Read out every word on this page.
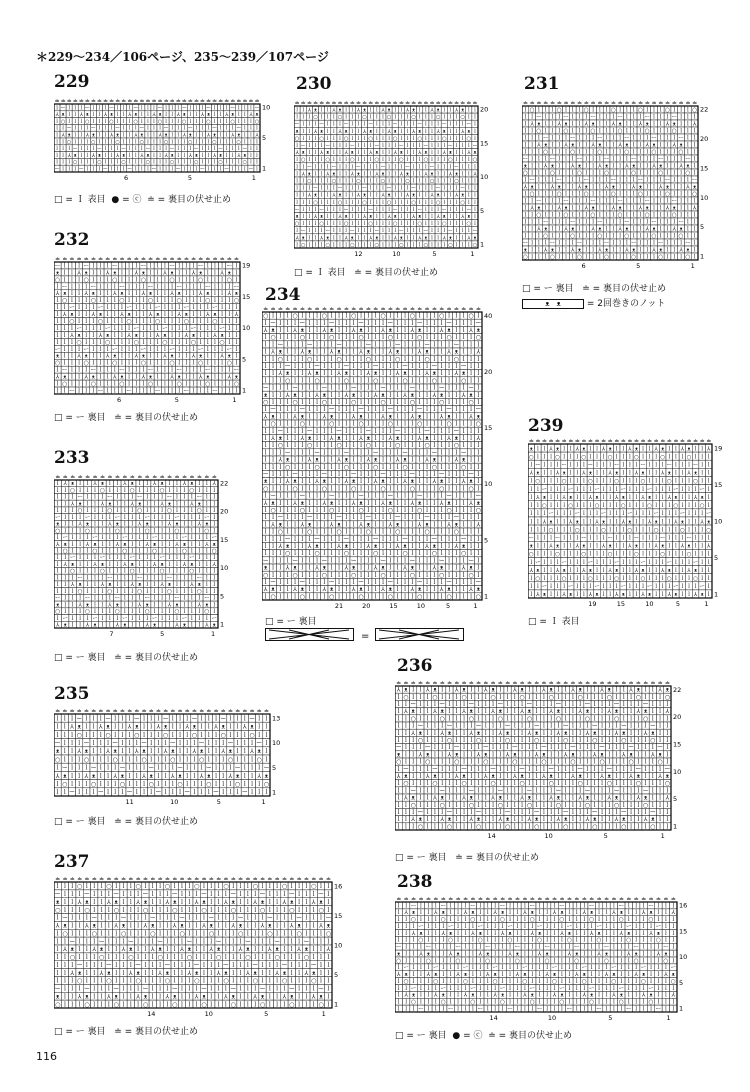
＊229～234／106ページ、235～239／107ページ
229	230	231
232
234
239
233
236
235
237
238
≐ ≐ ≐ ≐ ≐ ≐ ≐ ≐ ≐ ≐ ≐ ≐ ≐ ≐ ≐ ≐ ≐ ≐ ≐ ≐ ≐ ≐ ≐ ≐ ≐ ≐ ≐ ≐ ≐ ≐ ≐ ≐ ≐ ≐
ｌ ー ｌ ｌ ｌ ー ｌ ｌ ｌ ー ｌ ｌ ｌ ー ｌ ｌ ｌ ー ｌ ｌ ｌ ー ｌ ｌ ｌ ー ｌ ｌ ｌ ー ｌ ｌ ｌ ー
⅄ ᴥ ｌ ｌ ⅄ ᴥ ｌ ｌ ⅄ ᴥ ｌ ｌ ⅄ ᴥ ｌ ｌ ⅄ ᴥ ｌ ｌ ⅄ ᴥ ｌ ｌ ⅄ ᴥ ｌ ｌ ⅄ ᴥ ｌ ｌ ⅄ ᴥ
ｌ ○ ｌ ｌ ｌ ○ ｌ ｌ ｌ ○ ｌ ｌ ｌ ○ ｌ ｌ ｌ ○ ｌ ｌ ｌ ○ ｌ ｌ ｌ ○ ｌ ｌ ｌ ○ ｌ ｌ ｌ ○
ｌ ｌ ー ｌ ｌ ｌ ー ｌ ｌ ｌ ー ｌ ｌ ｌ ー ｌ ｌ ｌ ー ｌ ｌ ｌ ー ｌ ｌ ｌ ー ｌ ｌ ｌ ー ｌ ｌ ｌ
ｌ ⅄ ᴥ ｌ ｌ ⅄ ᴥ ｌ ｌ ⅄ ᴥ ｌ ｌ ⅄ ᴥ ｌ ｌ ⅄ ᴥ ｌ ｌ ⅄ ᴥ ｌ ｌ ⅄ ᴥ ｌ ｌ ⅄ ᴥ ｌ ｌ ⅄
ｌ ｌ ○ ｌ ｌ ｌ ○ ｌ ｌ ｌ ○ ｌ ｌ ｌ ○ ｌ ｌ ｌ ○ ｌ ｌ ｌ ○ ｌ ｌ ｌ ○ ｌ ｌ ｌ ○ ｌ ｌ ｌ
ｌ ｌ ｌ ー ｌ ｌ ｌ ー ｌ ｌ ｌ ー ｌ ｌ ｌ ー ｌ ｌ ｌ ー ｌ ｌ ｌ ー ｌ ｌ ｌ ー ｌ ｌ ｌ ー ｌ ｌ
ｌ ｌ ⅄ ᴥ ｌ ｌ ⅄ ᴥ ｌ ｌ ⅄ ᴥ ｌ ｌ ⅄ ᴥ ｌ ｌ ⅄ ᴥ ｌ ｌ ⅄ ᴥ ｌ ｌ ⅄ ᴥ ｌ ｌ ⅄ ᴥ ｌ ｌ
ｌ ｌ ｌ ○ ｌ ｌ ｌ ○ ｌ ｌ ｌ ○ ｌ ｌ ｌ ○ ｌ ｌ ｌ ○ ｌ ｌ ｌ ○ ｌ ｌ ｌ ○ ｌ ｌ ｌ ○ ｌ ｌ
ー ｌ ｌ ｌ ー ｌ ｌ ｌ ー ｌ ｌ ｌ ー ｌ ｌ ｌ ー ｌ ｌ ｌ ー ｌ ｌ ｌ ー ｌ ｌ ｌ ー ｌ ｌ ｌ ー ｌ
10
5
1
6	5	1
≐ ≐ ≐ ≐ ≐ ≐ ≐ ≐ ≐ ≐ ≐ ≐ ≐ ≐ ≐ ≐ ≐ ≐ ≐ ≐ ≐ ≐ ≐ ≐ ≐ ≐ ≐ ≐ ≐ ≐
ｌ ｌ ⅄ ᴥ ｌ ｌ ⅄ ᴥ ｌ ｌ ⅄ ᴥ ｌ ｌ ⅄ ᴥ ｌ ｌ ⅄ ᴥ ｌ ｌ ⅄ ᴥ ｌ ｌ ⅄ ᴥ ｌ ｌ
ｌ ｌ ｌ ○ ｌ ｌ ｌ ○ ｌ ｌ ｌ ○ ｌ ｌ ｌ ○ ｌ ｌ ｌ ○ ｌ ｌ ｌ ○ ｌ ｌ ｌ ○ ｌ ｌ
ー ｌ ｌ ｌ ー ｌ ｌ ｌ ー ｌ ｌ ｌ ー ｌ ｌ ｌ ー ｌ ｌ ｌ ー ｌ ｌ ｌ ー ｌ ｌ ｌ ー ｌ
ᴥ ｌ ｌ ⅄ ᴥ ｌ ｌ ⅄ ᴥ ｌ ｌ ⅄ ᴥ ｌ ｌ ⅄ ᴥ ｌ ｌ ⅄ ᴥ ｌ ｌ ⅄ ᴥ ｌ ｌ ⅄ ᴥ ｌ
○ ｌ ｌ ｌ ○ ｌ ｌ ｌ ○ ｌ ｌ ｌ ○ ｌ ｌ ｌ ○ ｌ ｌ ｌ ○ ｌ ｌ ｌ ○ ｌ ｌ ｌ ○ ｌ
ｌ ー ｌ ｌ ｌ ー ｌ ｌ ｌ ー ｌ ｌ ｌ ー ｌ ｌ ｌ ー ｌ ｌ ｌ ー ｌ ｌ ｌ ー ｌ ｌ ｌ ー
⅄ ᴥ ｌ ｌ ⅄ ᴥ ｌ ｌ ⅄ ᴥ ｌ ｌ ⅄ ᴥ ｌ ｌ ⅄ ᴥ ｌ ｌ ⅄ ᴥ ｌ ｌ ⅄ ᴥ ｌ ｌ ⅄ ᴥ
ｌ ○ ｌ ｌ ｌ ○ ｌ ｌ ｌ ○ ｌ ｌ ｌ ○ ｌ ｌ ｌ ○ ｌ ｌ ｌ ○ ｌ ｌ ｌ ○ ｌ ｌ ｌ ○
ｌ ｌ ー ｌ ｌ ｌ ー ｌ ｌ ｌ ー ｌ ｌ ｌ ー ｌ ｌ ｌ ー ｌ ｌ ｌ ー ｌ ｌ ｌ ー ｌ ｌ ｌ
ｌ ⅄ ᴥ ｌ ｌ ⅄ ᴥ ｌ ｌ ⅄ ᴥ ｌ ｌ ⅄ ᴥ ｌ ｌ ⅄ ᴥ ｌ ｌ ⅄ ᴥ ｌ ｌ ⅄ ᴥ ｌ ｌ ⅄
ｌ ｌ ○ ｌ ｌ ｌ ○ ｌ ｌ ｌ ○ ｌ ｌ ｌ ○ ｌ ｌ ｌ ○ ｌ ｌ ｌ ○ ｌ ｌ ｌ ○ ｌ ｌ ｌ
ｌ ｌ ｌ ー ｌ ｌ ｌ ー ｌ ｌ ｌ ー ｌ ｌ ｌ ー ｌ ｌ ｌ ー ｌ ｌ ｌ ー ｌ ｌ ｌ ー ｌ ｌ
ｌ ｌ ⅄ ᴥ ｌ ｌ ⅄ ᴥ ｌ ｌ ⅄ ᴥ ｌ ｌ ⅄ ᴥ ｌ ｌ ⅄ ᴥ ｌ ｌ ⅄ ᴥ ｌ ｌ ⅄ ᴥ ｌ ｌ
ｌ ｌ ｌ ○ ｌ ｌ ｌ ○ ｌ ｌ ｌ ○ ｌ ｌ ｌ ○ ｌ ｌ ｌ ○ ｌ ｌ ｌ ○ ｌ ｌ ｌ ○ ｌ ｌ
ー ｌ ｌ ｌ ー ｌ ｌ ｌ ー ｌ ｌ ｌ ー ｌ ｌ ｌ ー ｌ ｌ ｌ ー ｌ ｌ ｌ ー ｌ ｌ ｌ ー ｌ
ᴥ ｌ ｌ ⅄ ᴥ ｌ ｌ ⅄ ᴥ ｌ ｌ ⅄ ᴥ ｌ ｌ ⅄ ᴥ ｌ ｌ ⅄ ᴥ ｌ ｌ ⅄ ᴥ ｌ ｌ ⅄ ᴥ ｌ
○ ｌ ｌ ｌ ○ ｌ ｌ ｌ ○ ｌ ｌ ｌ ○ ｌ ｌ ｌ ○ ｌ ｌ ｌ ○ ｌ ｌ ｌ ○ ｌ ｌ ｌ ○ ｌ
ｌ ー ｌ ｌ ｌ ー ｌ ｌ ｌ ー ｌ ｌ ｌ ー ｌ ｌ ｌ ー ｌ ｌ ｌ ー ｌ ｌ ｌ ー ｌ ｌ ｌ ー
⅄ ᴥ ｌ ｌ ⅄ ᴥ ｌ ｌ ⅄ ᴥ ｌ ｌ ⅄ ᴥ ｌ ｌ ⅄ ᴥ ｌ ｌ ⅄ ᴥ ｌ ｌ ⅄ ᴥ ｌ ｌ ⅄ ᴥ
ｌ ○ ｌ ｌ ｌ ○ ｌ ｌ ｌ ○ ｌ ｌ ｌ ○ ｌ ｌ ｌ ○ ｌ ｌ ｌ ○ ｌ ｌ ｌ ○ ｌ ｌ ｌ ○
20
15
10
5
1
12	10	5	1
≐ ≐ ≐ ≐ ≐ ≐ ≐ ≐ ≐ ≐ ≐ ≐ ≐ ≐ ≐ ≐ ≐ ≐ ≐ ≐ ≐ ≐ ≐ ≐ ≐ ≐
ｌ ○ ｌ ｌ ｌ ○ ｌ ｌ ｌ ○ ｌ ｌ ｌ ○ ｌ ｌ ｌ ○ ｌ ｌ ｌ ○ ｌ ｌ ｌ ○
ｌ ｌ ー ｌ ｌ ｌ ー ｌ ｌ ｌ ー ｌ ｌ ｌ ー ｌ ｌ ｌ ー ｌ ｌ ｌ ー ｌ ｌ ｌ
ｌ ⅄ ᴥ ｌ ｌ ⅄ ᴥ ｌ ｌ ⅄ ᴥ ｌ ｌ ⅄ ᴥ ｌ ｌ ⅄ ᴥ ｌ ｌ ⅄ ᴥ ｌ ｌ ⅄
ｌ ｌ ○ ｌ ｌ ｌ ○ ｌ ｌ ｌ ○ ｌ ｌ ｌ ○ ｌ ｌ ｌ ○ ｌ ｌ ｌ ○ ｌ ｌ ｌ
ｌ ｌ ｌ ー ｌ ｌ ｌ ー ｌ ｌ ｌ ー ｌ ｌ ｌ ー ｌ ｌ ｌ ー ｌ ｌ ｌ ー ｌ ｌ
ｌ ｌ ⅄ ᴥ ｌ ｌ ⅄ ᴥ ｌ ｌ ⅄ ᴥ ｌ ｌ ⅄ ᴥ ｌ ｌ ⅄ ᴥ ｌ ｌ ⅄ ᴥ ｌ ｌ
ｌ ｌ ｌ ○ ｌ ｌ ｌ ○ ｌ ｌ ｌ ○ ｌ ｌ ｌ ○ ｌ ｌ ｌ ○ ｌ ｌ ｌ ○ ｌ ｌ
ー ｌ ｌ ｌ ー ｌ ｌ ｌ ー ｌ ｌ ｌ ー ｌ ｌ ｌ ー ｌ ｌ ｌ ー ｌ ｌ ｌ ー ｌ
ᴥ ｌ ｌ ⅄ ᴥ ｌ ｌ ⅄ ᴥ ｌ ｌ ⅄ ᴥ ｌ ｌ ⅄ ᴥ ｌ ｌ ⅄ ᴥ ｌ ｌ ⅄ ᴥ ｌ
○ ｌ ｌ ｌ ○ ｌ ｌ ｌ ○ ｌ ｌ ｌ ○ ｌ ｌ ｌ ○ ｌ ｌ ｌ ○ ｌ ｌ ｌ ○ ｌ
ｌ ー ｌ ｌ ｌ ー ｌ ｌ ｌ ー ｌ ｌ ｌ ー ｌ ｌ ｌ ー ｌ ｌ ｌ ー ｌ ｌ ｌ ー
⅄ ᴥ ｌ ｌ ⅄ ᴥ ｌ ｌ ⅄ ᴥ ｌ ｌ ⅄ ᴥ ｌ ｌ ⅄ ᴥ ｌ ｌ ⅄ ᴥ ｌ ｌ ⅄ ᴥ
ｌ ○ ｌ ｌ ｌ ○ ｌ ｌ ｌ ○ ｌ ｌ ｌ ○ ｌ ｌ ｌ ○ ｌ ｌ ｌ ○ ｌ ｌ ｌ ○
ｌ ｌ ー ｌ ｌ ｌ ー ｌ ｌ ｌ ー ｌ ｌ ｌ ー ｌ ｌ ｌ ー ｌ ｌ ｌ ー ｌ ｌ ｌ
ｌ ⅄ ᴥ ｌ ｌ ⅄ ᴥ ｌ ｌ ⅄ ᴥ ｌ ｌ ⅄ ᴥ ｌ ｌ ⅄ ᴥ ｌ ｌ ⅄ ᴥ ｌ ｌ ⅄
ｌ ｌ ○ ｌ ｌ ｌ ○ ｌ ｌ ｌ ○ ｌ ｌ ｌ ○ ｌ ｌ ｌ ○ ｌ ｌ ｌ ○ ｌ ｌ ｌ
ｌ ｌ ｌ ー ｌ ｌ ｌ ー ｌ ｌ ｌ ー ｌ ｌ ｌ ー ｌ ｌ ｌ ー ｌ ｌ ｌ ー ｌ ｌ
ｌ ｌ ⅄ ᴥ ｌ ｌ ⅄ ᴥ ｌ ｌ ⅄ ᴥ ｌ ｌ ⅄ ᴥ ｌ ｌ ⅄ ᴥ ｌ ｌ ⅄ ᴥ ｌ ｌ
ｌ ｌ ｌ ○ ｌ ｌ ｌ ○ ｌ ｌ ｌ ○ ｌ ｌ ｌ ○ ｌ ｌ ｌ ○ ｌ ｌ ｌ ○ ｌ ｌ
ー ｌ ｌ ｌ ー ｌ ｌ ｌ ー ｌ ｌ ｌ ー ｌ ｌ ｌ ー ｌ ｌ ｌ ー ｌ ｌ ｌ ー ｌ
ᴥ ｌ ｌ ⅄ ᴥ ｌ ｌ ⅄ ᴥ ｌ ｌ ⅄ ᴥ ｌ ｌ ⅄ ᴥ ｌ ｌ ⅄ ᴥ ｌ ｌ ⅄ ᴥ ｌ
○ ｌ ｌ ｌ ○ ｌ ｌ ｌ ○ ｌ ｌ ｌ ○ ｌ ｌ ｌ ○ ｌ ｌ ｌ ○ ｌ ｌ ｌ ○ ｌ
22
20
15
10
5
1
6	5	1
≐ ≐ ≐ ≐ ≐ ≐ ≐ ≐ ≐ ≐ ≐ ≐ ≐ ≐ ≐ ≐ ≐ ≐ ≐ ≐ ≐ ≐ ≐ ≐ ≐ ≐
ー ｌ ｌ ｌ ー ｌ ｌ ｌ ー ｌ ｌ ｌ ー ｌ ｌ ｌ ー ｌ ｌ ｌ ー ｌ ｌ ｌ ー ｌ
ᴥ ｌ ｌ ⅄ ᴥ ｌ ｌ ⅄ ᴥ ｌ ｌ ⅄ ᴥ ｌ ｌ ⅄ ᴥ ｌ ｌ ⅄ ᴥ ｌ ｌ ⅄ ᴥ ｌ
○ ｌ ｌ ｌ ○ ｌ ｌ ｌ ○ ｌ ｌ ｌ ○ ｌ ｌ ｌ ○ ｌ ｌ ｌ ○ ｌ ｌ ｌ ○ ｌ
ｌ ー ｌ ｌ ｌ ー ｌ ｌ ｌ ー ｌ ｌ ｌ ー ｌ ｌ ｌ ー ｌ ｌ ｌ ー ｌ ｌ ｌ ー
⅄ ᴥ ｌ ｌ ⅄ ᴥ ｌ ｌ ⅄ ᴥ ｌ ｌ ⅄ ᴥ ｌ ｌ ⅄ ᴥ ｌ ｌ ⅄ ᴥ ｌ ｌ ⅄ ᴥ
ｌ ○ ｌ ｌ ｌ ○ ｌ ｌ ｌ ○ ｌ ｌ ｌ ○ ｌ ｌ ｌ ○ ｌ ｌ ｌ ○ ｌ ｌ ｌ ○
ｌ ｌ ー ｌ ｌ ｌ ー ｌ ｌ ｌ ー ｌ ｌ ｌ ー ｌ ｌ ｌ ー ｌ ｌ ｌ ー ｌ ｌ ｌ
ｌ ⅄ ᴥ ｌ ｌ ⅄ ᴥ ｌ ｌ ⅄ ᴥ ｌ ｌ ⅄ ᴥ ｌ ｌ ⅄ ᴥ ｌ ｌ ⅄ ᴥ ｌ ｌ ⅄
ｌ ｌ ○ ｌ ｌ ｌ ○ ｌ ｌ ｌ ○ ｌ ｌ ｌ ○ ｌ ｌ ｌ ○ ｌ ｌ ｌ ○ ｌ ｌ ｌ
ｌ ｌ ｌ ー ｌ ｌ ｌ ー ｌ ｌ ｌ ー ｌ ｌ ｌ ー ｌ ｌ ｌ ー ｌ ｌ ｌ ー ｌ ｌ
ｌ ｌ ⅄ ᴥ ｌ ｌ ⅄ ᴥ ｌ ｌ ⅄ ᴥ ｌ ｌ ⅄ ᴥ ｌ ｌ ⅄ ᴥ ｌ ｌ ⅄ ᴥ ｌ ｌ
ｌ ｌ ｌ ○ ｌ ｌ ｌ ○ ｌ ｌ ｌ ○ ｌ ｌ ｌ ○ ｌ ｌ ｌ ○ ｌ ｌ ｌ ○ ｌ ｌ
ー ｌ ｌ ｌ ー ｌ ｌ ｌ ー ｌ ｌ ｌ ー ｌ ｌ ｌ ー ｌ ｌ ｌ ー ｌ ｌ ｌ ー ｌ
ᴥ ｌ ｌ ⅄ ᴥ ｌ ｌ ⅄ ᴥ ｌ ｌ ⅄ ᴥ ｌ ｌ ⅄ ᴥ ｌ ｌ ⅄ ᴥ ｌ ｌ ⅄ ᴥ ｌ
○ ｌ ｌ ｌ ○ ｌ ｌ ｌ ○ ｌ ｌ ｌ ○ ｌ ｌ ｌ ○ ｌ ｌ ｌ ○ ｌ ｌ ｌ ○ ｌ
ｌ ー ｌ ｌ ｌ ー ｌ ｌ ｌ ー ｌ ｌ ｌ ー ｌ ｌ ｌ ー ｌ ｌ ｌ ー ｌ ｌ ｌ ー
⅄ ᴥ ｌ ｌ ⅄ ᴥ ｌ ｌ ⅄ ᴥ ｌ ｌ ⅄ ᴥ ｌ ｌ ⅄ ᴥ ｌ ｌ ⅄ ᴥ ｌ ｌ ⅄ ᴥ
ｌ ○ ｌ ｌ ｌ ○ ｌ ｌ ｌ ○ ｌ ｌ ｌ ○ ｌ ｌ ｌ ○ ｌ ｌ ｌ ○ ｌ ｌ ｌ ○
ｌ ｌ ー ｌ ｌ ｌ ー ｌ ｌ ｌ ー ｌ ｌ ｌ ー ｌ ｌ ｌ ー ｌ ｌ ｌ ー ｌ ｌ ｌ
19
15
10
5
1
6	5	1
≐ ≐ ≐ ≐ ≐ ≐ ≐ ≐ ≐ ≐ ≐ ≐ ≐ ≐ ≐ ≐ ≐ ≐ ≐ ≐ ≐ ≐ ≐ ≐ ≐ ≐ ≐ ≐ ≐ ≐
○ ｌ ｌ ｌ ○ ｌ ｌ ｌ ○ ｌ ｌ ｌ ○ ｌ ｌ ｌ ○ ｌ ｌ ｌ ○ ｌ ｌ ｌ ○ ｌ ｌ ｌ ○ ｌ
ｌ ー ｌ ｌ ｌ ー ｌ ｌ ｌ ー ｌ ｌ ｌ ー ｌ ｌ ｌ ー ｌ ｌ ｌ ー ｌ ｌ ｌ ー ｌ ｌ ｌ ー
⅄ ᴥ ｌ ｌ ⅄ ᴥ ｌ ｌ ⅄ ᴥ ｌ ｌ ⅄ ᴥ ｌ ｌ ⅄ ᴥ ｌ ｌ ⅄ ᴥ ｌ ｌ ⅄ ᴥ ｌ ｌ ⅄ ᴥ
ｌ ○ ｌ ｌ ｌ ○ ｌ ｌ ｌ ○ ｌ ｌ ｌ ○ ｌ ｌ ｌ ○ ｌ ｌ ｌ ○ ｌ ｌ ｌ ○ ｌ ｌ ｌ ○
ｌ ｌ ー ｌ ｌ ｌ ー ｌ ｌ ｌ ー ｌ ｌ ｌ ー ｌ ｌ ｌ ー ｌ ｌ ｌ ー ｌ ｌ ｌ ー ｌ ｌ ｌ
ｌ ⅄ ᴥ ｌ ｌ ⅄ ᴥ ｌ ｌ ⅄ ᴥ ｌ ｌ ⅄ ᴥ ｌ ｌ ⅄ ᴥ ｌ ｌ ⅄ ᴥ ｌ ｌ ⅄ ᴥ ｌ ｌ ⅄
ｌ ｌ ○ ｌ ｌ ｌ ○ ｌ ｌ ｌ ○ ｌ ｌ ｌ ○ ｌ ｌ ｌ ○ ｌ ｌ ｌ ○ ｌ ｌ ｌ ○ ｌ ｌ ｌ
ｌ ｌ ｌ ー ｌ ｌ ｌ ー ｌ ｌ ｌ ー ｌ ｌ ｌ ー ｌ ｌ ｌ ー ｌ ｌ ｌ ー ｌ ｌ ｌ ー ｌ ｌ
ｌ ｌ ⅄ ᴥ ｌ ｌ ⅄ ᴥ ｌ ｌ ⅄ ᴥ ｌ ｌ ⅄ ᴥ ｌ ｌ ⅄ ᴥ ｌ ｌ ⅄ ᴥ ｌ ｌ ⅄ ᴥ ｌ ｌ
ｌ ｌ ｌ ○ ｌ ｌ ｌ ○ ｌ ｌ ｌ ○ ｌ ｌ ｌ ○ ｌ ｌ ｌ ○ ｌ ｌ ｌ ○ ｌ ｌ ｌ ○ ｌ ｌ
ー ｌ ｌ ｌ ー ｌ ｌ ｌ ー ｌ ｌ ｌ ー ｌ ｌ ｌ ー ｌ ｌ ｌ ー ｌ ｌ ｌ ー ｌ ｌ ｌ ー ｌ
ᴥ ｌ ｌ ⅄ ᴥ ｌ ｌ ⅄ ᴥ ｌ ｌ ⅄ ᴥ ｌ ｌ ⅄ ᴥ ｌ ｌ ⅄ ᴥ ｌ ｌ ⅄ ᴥ ｌ ｌ ⅄ ᴥ ｌ
○ ｌ ｌ ｌ ○ ｌ ｌ ｌ ○ ｌ ｌ ｌ ○ ｌ ｌ ｌ ○ ｌ ｌ ｌ ○ ｌ ｌ ｌ ○ ｌ ｌ ｌ ○ ｌ
ｌ ー ｌ ｌ ｌ ー ｌ ｌ ｌ ー ｌ ｌ ｌ ー ｌ ｌ ｌ ー ｌ ｌ ｌ ー ｌ ｌ ｌ ー ｌ ｌ ｌ ー
⅄ ᴥ ｌ ｌ ⅄ ᴥ ｌ ｌ ⅄ ᴥ ｌ ｌ ⅄ ᴥ ｌ ｌ ⅄ ᴥ ｌ ｌ ⅄ ᴥ ｌ ｌ ⅄ ᴥ ｌ ｌ ⅄ ᴥ
ｌ ○ ｌ ｌ ｌ ○ ｌ ｌ ｌ ○ ｌ ｌ ｌ ○ ｌ ｌ ｌ ○ ｌ ｌ ｌ ○ ｌ ｌ ｌ ○ ｌ ｌ ｌ ○
ｌ ｌ ー ｌ ｌ ｌ ー ｌ ｌ ｌ ー ｌ ｌ ｌ ー ｌ ｌ ｌ ー ｌ ｌ ｌ ー ｌ ｌ ｌ ー ｌ ｌ ｌ
ｌ ⅄ ᴥ ｌ ｌ ⅄ ᴥ ｌ ｌ ⅄ ᴥ ｌ ｌ ⅄ ᴥ ｌ ｌ ⅄ ᴥ ｌ ｌ ⅄ ᴥ ｌ ｌ ⅄ ᴥ ｌ ｌ ⅄
ｌ ｌ ○ ｌ ｌ ｌ ○ ｌ ｌ ｌ ○ ｌ ｌ ｌ ○ ｌ ｌ ｌ ○ ｌ ｌ ｌ ○ ｌ ｌ ｌ ○ ｌ ｌ ｌ
ｌ ｌ ｌ ー ｌ ｌ ｌ ー ｌ ｌ ｌ ー ｌ ｌ ｌ ー ｌ ｌ ｌ ー ｌ ｌ ｌ ー ｌ ｌ ｌ ー ｌ ｌ
ｌ ｌ ⅄ ᴥ ｌ ｌ ⅄ ᴥ ｌ ｌ ⅄ ᴥ ｌ ｌ ⅄ ᴥ ｌ ｌ ⅄ ᴥ ｌ ｌ ⅄ ᴥ ｌ ｌ ⅄ ᴥ ｌ ｌ
ｌ ｌ ｌ ○ ｌ ｌ ｌ ○ ｌ ｌ ｌ ○ ｌ ｌ ｌ ○ ｌ ｌ ｌ ○ ｌ ｌ ｌ ○ ｌ ｌ ｌ ○ ｌ ｌ
ー ｌ ｌ ｌ ー ｌ ｌ ｌ ー ｌ ｌ ｌ ー ｌ ｌ ｌ ー ｌ ｌ ｌ ー ｌ ｌ ｌ ー ｌ ｌ ｌ ー ｌ
ᴥ ｌ ｌ ⅄ ᴥ ｌ ｌ ⅄ ᴥ ｌ ｌ ⅄ ᴥ ｌ ｌ ⅄ ᴥ ｌ ｌ ⅄ ᴥ ｌ ｌ ⅄ ᴥ ｌ ｌ ⅄ ᴥ ｌ
○ ｌ ｌ ｌ ○ ｌ ｌ ｌ ○ ｌ ｌ ｌ ○ ｌ ｌ ｌ ○ ｌ ｌ ｌ ○ ｌ ｌ ｌ ○ ｌ ｌ ｌ ○ ｌ
ｌ ー ｌ ｌ ｌ ー ｌ ｌ ｌ ー ｌ ｌ ｌ ー ｌ ｌ ｌ ー ｌ ｌ ｌ ー ｌ ｌ ｌ ー ｌ ｌ ｌ ー
⅄ ᴥ ｌ ｌ ⅄ ᴥ ｌ ｌ ⅄ ᴥ ｌ ｌ ⅄ ᴥ ｌ ｌ ⅄ ᴥ ｌ ｌ ⅄ ᴥ ｌ ｌ ⅄ ᴥ ｌ ｌ ⅄ ᴥ
ｌ ○ ｌ ｌ ｌ ○ ｌ ｌ ｌ ○ ｌ ｌ ｌ ○ ｌ ｌ ｌ ○ ｌ ｌ ｌ ○ ｌ ｌ ｌ ○ ｌ ｌ ｌ ○
ｌ ｌ ー ｌ ｌ ｌ ー ｌ ｌ ｌ ー ｌ ｌ ｌ ー ｌ ｌ ｌ ー ｌ ｌ ｌ ー ｌ ｌ ｌ ー ｌ ｌ ｌ
ｌ ⅄ ᴥ ｌ ｌ ⅄ ᴥ ｌ ｌ ⅄ ᴥ ｌ ｌ ⅄ ᴥ ｌ ｌ ⅄ ᴥ ｌ ｌ ⅄ ᴥ ｌ ｌ ⅄ ᴥ ｌ ｌ ⅄
ｌ ｌ ○ ｌ ｌ ｌ ○ ｌ ｌ ｌ ○ ｌ ｌ ｌ ○ ｌ ｌ ｌ ○ ｌ ｌ ｌ ○ ｌ ｌ ｌ ○ ｌ ｌ ｌ
ｌ ｌ ｌ ー ｌ ｌ ｌ ー ｌ ｌ ｌ ー ｌ ｌ ｌ ー ｌ ｌ ｌ ー ｌ ｌ ｌ ー ｌ ｌ ｌ ー ｌ ｌ
ｌ ｌ ⅄ ᴥ ｌ ｌ ⅄ ᴥ ｌ ｌ ⅄ ᴥ ｌ ｌ ⅄ ᴥ ｌ ｌ ⅄ ᴥ ｌ ｌ ⅄ ᴥ ｌ ｌ ⅄ ᴥ ｌ ｌ
ｌ ｌ ｌ ○ ｌ ｌ ｌ ○ ｌ ｌ ｌ ○ ｌ ｌ ｌ ○ ｌ ｌ ｌ ○ ｌ ｌ ｌ ○ ｌ ｌ ｌ ○ ｌ ｌ
ー ｌ ｌ ｌ ー ｌ ｌ ｌ ー ｌ ｌ ｌ ー ｌ ｌ ｌ ー ｌ ｌ ｌ ー ｌ ｌ ｌ ー ｌ ｌ ｌ ー ｌ
ᴥ ｌ ｌ ⅄ ᴥ ｌ ｌ ⅄ ᴥ ｌ ｌ ⅄ ᴥ ｌ ｌ ⅄ ᴥ ｌ ｌ ⅄ ᴥ ｌ ｌ ⅄ ᴥ ｌ ｌ ⅄ ᴥ ｌ
○ ｌ ｌ ｌ ○ ｌ ｌ ｌ ○ ｌ ｌ ｌ ○ ｌ ｌ ｌ ○ ｌ ｌ ｌ ○ ｌ ｌ ｌ ○ ｌ ｌ ｌ ○ ｌ
ｌ ー ｌ ｌ ｌ ー ｌ ｌ ｌ ー ｌ ｌ ｌ ー ｌ ｌ ｌ ー ｌ ｌ ｌ ー ｌ ｌ ｌ ー ｌ ｌ ｌ ー
⅄ ᴥ ｌ ｌ ⅄ ᴥ ｌ ｌ ⅄ ᴥ ｌ ｌ ⅄ ᴥ ｌ ｌ ⅄ ᴥ ｌ ｌ ⅄ ᴥ ｌ ｌ ⅄ ᴥ ｌ ｌ ⅄ ᴥ
ｌ ○ ｌ ｌ ｌ ○ ｌ ｌ ｌ ○ ｌ ｌ ｌ ○ ｌ ｌ ｌ ○ ｌ ｌ ｌ ○ ｌ ｌ ｌ ○ ｌ ｌ ｌ ○
40
20
15
10
5
1
21	20	15	10	5	1
≐ ≐ ≐ ≐ ≐ ≐ ≐ ≐ ≐ ≐ ≐ ≐ ≐ ≐ ≐ ≐ ≐ ≐ ≐ ≐ ≐ ≐ ≐ ≐ ≐ ≐ ≐ ≐
ᴥ ｌ ｌ ⅄ ᴥ ｌ ｌ ⅄ ᴥ ｌ ｌ ⅄ ᴥ ｌ ｌ ⅄ ᴥ ｌ ｌ ⅄ ᴥ ｌ ｌ ⅄ ᴥ ｌ ｌ ⅄
○ ｌ ｌ ｌ ○ ｌ ｌ ｌ ○ ｌ ｌ ｌ ○ ｌ ｌ ｌ ○ ｌ ｌ ｌ ○ ｌ ｌ ｌ ○ ｌ ｌ ｌ
ｌ ー ｌ ｌ ｌ ー ｌ ｌ ｌ ー ｌ ｌ ｌ ー ｌ ｌ ｌ ー ｌ ｌ ｌ ー ｌ ｌ ｌ ー ｌ ｌ
⅄ ᴥ ｌ ｌ ⅄ ᴥ ｌ ｌ ⅄ ᴥ ｌ ｌ ⅄ ᴥ ｌ ｌ ⅄ ᴥ ｌ ｌ ⅄ ᴥ ｌ ｌ ⅄ ᴥ ｌ ｌ
ｌ ○ ｌ ｌ ｌ ○ ｌ ｌ ｌ ○ ｌ ｌ ｌ ○ ｌ ｌ ｌ ○ ｌ ｌ ｌ ○ ｌ ｌ ｌ ○ ｌ ｌ
ｌ ｌ ー ｌ ｌ ｌ ー ｌ ｌ ｌ ー ｌ ｌ ｌ ー ｌ ｌ ｌ ー ｌ ｌ ｌ ー ｌ ｌ ｌ ー ｌ
ｌ ⅄ ᴥ ｌ ｌ ⅄ ᴥ ｌ ｌ ⅄ ᴥ ｌ ｌ ⅄ ᴥ ｌ ｌ ⅄ ᴥ ｌ ｌ ⅄ ᴥ ｌ ｌ ⅄ ᴥ ｌ
ｌ ｌ ○ ｌ ｌ ｌ ○ ｌ ｌ ｌ ○ ｌ ｌ ｌ ○ ｌ ｌ ｌ ○ ｌ ｌ ｌ ○ ｌ ｌ ｌ ○ ｌ
ｌ ｌ ｌ ー ｌ ｌ ｌ ー ｌ ｌ ｌ ー ｌ ｌ ｌ ー ｌ ｌ ｌ ー ｌ ｌ ｌ ー ｌ ｌ ｌ ー
ｌ ｌ ⅄ ᴥ ｌ ｌ ⅄ ᴥ ｌ ｌ ⅄ ᴥ ｌ ｌ ⅄ ᴥ ｌ ｌ ⅄ ᴥ ｌ ｌ ⅄ ᴥ ｌ ｌ ⅄ ᴥ
ｌ ｌ ｌ ○ ｌ ｌ ｌ ○ ｌ ｌ ｌ ○ ｌ ｌ ｌ ○ ｌ ｌ ｌ ○ ｌ ｌ ｌ ○ ｌ ｌ ｌ ○
ー ｌ ｌ ｌ ー ｌ ｌ ｌ ー ｌ ｌ ｌ ー ｌ ｌ ｌ ー ｌ ｌ ｌ ー ｌ ｌ ｌ ー ｌ ｌ ｌ
ᴥ ｌ ｌ ⅄ ᴥ ｌ ｌ ⅄ ᴥ ｌ ｌ ⅄ ᴥ ｌ ｌ ⅄ ᴥ ｌ ｌ ⅄ ᴥ ｌ ｌ ⅄ ᴥ ｌ ｌ ⅄
○ ｌ ｌ ｌ ○ ｌ ｌ ｌ ○ ｌ ｌ ｌ ○ ｌ ｌ ｌ ○ ｌ ｌ ｌ ○ ｌ ｌ ｌ ○ ｌ ｌ ｌ
ｌ ー ｌ ｌ ｌ ー ｌ ｌ ｌ ー ｌ ｌ ｌ ー ｌ ｌ ｌ ー ｌ ｌ ｌ ー ｌ ｌ ｌ ー ｌ ｌ
⅄ ᴥ ｌ ｌ ⅄ ᴥ ｌ ｌ ⅄ ᴥ ｌ ｌ ⅄ ᴥ ｌ ｌ ⅄ ᴥ ｌ ｌ ⅄ ᴥ ｌ ｌ ⅄ ᴥ ｌ ｌ
ｌ ○ ｌ ｌ ｌ ○ ｌ ｌ ｌ ○ ｌ ｌ ｌ ○ ｌ ｌ ｌ ○ ｌ ｌ ｌ ○ ｌ ｌ ｌ ○ ｌ ｌ
ｌ ｌ ー ｌ ｌ ｌ ー ｌ ｌ ｌ ー ｌ ｌ ｌ ー ｌ ｌ ｌ ー ｌ ｌ ｌ ー ｌ ｌ ｌ ー ｌ
ｌ ⅄ ᴥ ｌ ｌ ⅄ ᴥ ｌ ｌ ⅄ ᴥ ｌ ｌ ⅄ ᴥ ｌ ｌ ⅄ ᴥ ｌ ｌ ⅄ ᴥ ｌ ｌ ⅄ ᴥ ｌ
19
15
10
5
1
19	15	10	5	1
≐ ≐ ≐ ≐ ≐ ≐ ≐ ≐ ≐ ≐ ≐ ≐ ≐ ≐ ≐ ≐ ≐ ≐ ≐ ≐ ≐ ≐
ｌ ⅄ ᴥ ｌ ｌ ⅄ ᴥ ｌ ｌ ⅄ ᴥ ｌ ｌ ⅄ ᴥ ｌ ｌ ⅄ ᴥ ｌ ｌ ⅄
ｌ ｌ ○ ｌ ｌ ｌ ○ ｌ ｌ ｌ ○ ｌ ｌ ｌ ○ ｌ ｌ ｌ ○ ｌ ｌ ｌ
ｌ ｌ ｌ ー ｌ ｌ ｌ ー ｌ ｌ ｌ ー ｌ ｌ ｌ ー ｌ ｌ ｌ ー ｌ ｌ
ｌ ｌ ⅄ ᴥ ｌ ｌ ⅄ ᴥ ｌ ｌ ⅄ ᴥ ｌ ｌ ⅄ ᴥ ｌ ｌ ⅄ ᴥ ｌ ｌ
ｌ ｌ ｌ ○ ｌ ｌ ｌ ○ ｌ ｌ ｌ ○ ｌ ｌ ｌ ○ ｌ ｌ ｌ ○ ｌ ｌ
ー ｌ ｌ ｌ ー ｌ ｌ ｌ ー ｌ ｌ ｌ ー ｌ ｌ ｌ ー ｌ ｌ ｌ ー ｌ
ᴥ ｌ ｌ ⅄ ᴥ ｌ ｌ ⅄ ᴥ ｌ ｌ ⅄ ᴥ ｌ ｌ ⅄ ᴥ ｌ ｌ ⅄ ᴥ ｌ
○ ｌ ｌ ｌ ○ ｌ ｌ ｌ ○ ｌ ｌ ｌ ○ ｌ ｌ ｌ ○ ｌ ｌ ｌ ○ ｌ
ｌ ー ｌ ｌ ｌ ー ｌ ｌ ｌ ー ｌ ｌ ｌ ー ｌ ｌ ｌ ー ｌ ｌ ｌ ー
⅄ ᴥ ｌ ｌ ⅄ ᴥ ｌ ｌ ⅄ ᴥ ｌ ｌ ⅄ ᴥ ｌ ｌ ⅄ ᴥ ｌ ｌ ⅄ ᴥ
ｌ ○ ｌ ｌ ｌ ○ ｌ ｌ ｌ ○ ｌ ｌ ｌ ○ ｌ ｌ ｌ ○ ｌ ｌ ｌ ○
ｌ ｌ ー ｌ ｌ ｌ ー ｌ ｌ ｌ ー ｌ ｌ ｌ ー ｌ ｌ ｌ ー ｌ ｌ ｌ
ｌ ⅄ ᴥ ｌ ｌ ⅄ ᴥ ｌ ｌ ⅄ ᴥ ｌ ｌ ⅄ ᴥ ｌ ｌ ⅄ ᴥ ｌ ｌ ⅄
ｌ ｌ ○ ｌ ｌ ｌ ○ ｌ ｌ ｌ ○ ｌ ｌ ｌ ○ ｌ ｌ ｌ ○ ｌ ｌ ｌ
ｌ ｌ ｌ ー ｌ ｌ ｌ ー ｌ ｌ ｌ ー ｌ ｌ ｌ ー ｌ ｌ ｌ ー ｌ ｌ
ｌ ｌ ⅄ ᴥ ｌ ｌ ⅄ ᴥ ｌ ｌ ⅄ ᴥ ｌ ｌ ⅄ ᴥ ｌ ｌ ⅄ ᴥ ｌ ｌ
ｌ ｌ ｌ ○ ｌ ｌ ｌ ○ ｌ ｌ ｌ ○ ｌ ｌ ｌ ○ ｌ ｌ ｌ ○ ｌ ｌ
ー ｌ ｌ ｌ ー ｌ ｌ ｌ ー ｌ ｌ ｌ ー ｌ ｌ ｌ ー ｌ ｌ ｌ ー ｌ
ᴥ ｌ ｌ ⅄ ᴥ ｌ ｌ ⅄ ᴥ ｌ ｌ ⅄ ᴥ ｌ ｌ ⅄ ᴥ ｌ ｌ ⅄ ᴥ ｌ
○ ｌ ｌ ｌ ○ ｌ ｌ ｌ ○ ｌ ｌ ｌ ○ ｌ ｌ ｌ ○ ｌ ｌ ｌ ○ ｌ
ｌ ー ｌ ｌ ｌ ー ｌ ｌ ｌ ー ｌ ｌ ｌ ー ｌ ｌ ｌ ー ｌ ｌ ｌ ー
⅄ ᴥ ｌ ｌ ⅄ ᴥ ｌ ｌ ⅄ ᴥ ｌ ｌ ⅄ ᴥ ｌ ｌ ⅄ ᴥ ｌ ｌ ⅄ ᴥ
22
20
15
10
5
1
7	5	1
≐ ≐ ≐ ≐ ≐ ≐ ≐ ≐ ≐ ≐ ≐ ≐ ≐ ≐ ≐ ≐ ≐ ≐ ≐ ≐ ≐ ≐ ≐ ≐ ≐ ≐ ≐ ≐ ≐ ≐ ≐ ≐ ≐ ≐ ≐ ≐ ≐ ≐
⅄ ᴥ ｌ ｌ ⅄ ᴥ ｌ ｌ ⅄ ᴥ ｌ ｌ ⅄ ᴥ ｌ ｌ ⅄ ᴥ ｌ ｌ ⅄ ᴥ ｌ ｌ ⅄ ᴥ ｌ ｌ ⅄ ᴥ ｌ ｌ ⅄ ᴥ ｌ ｌ ⅄ ᴥ
ｌ ○ ｌ ｌ ｌ ○ ｌ ｌ ｌ ○ ｌ ｌ ｌ ○ ｌ ｌ ｌ ○ ｌ ｌ ｌ ○ ｌ ｌ ｌ ○ ｌ ｌ ｌ ○ ｌ ｌ ｌ ○ ｌ ｌ ｌ ○
ｌ ｌ ー ｌ ｌ ｌ ー ｌ ｌ ｌ ー ｌ ｌ ｌ ー ｌ ｌ ｌ ー ｌ ｌ ｌ ー ｌ ｌ ｌ ー ｌ ｌ ｌ ー ｌ ｌ ｌ ー ｌ ｌ ｌ
ｌ ⅄ ᴥ ｌ ｌ ⅄ ᴥ ｌ ｌ ⅄ ᴥ ｌ ｌ ⅄ ᴥ ｌ ｌ ⅄ ᴥ ｌ ｌ ⅄ ᴥ ｌ ｌ ⅄ ᴥ ｌ ｌ ⅄ ᴥ ｌ ｌ ⅄ ᴥ ｌ ｌ ⅄
ｌ ｌ ○ ｌ ｌ ｌ ○ ｌ ｌ ｌ ○ ｌ ｌ ｌ ○ ｌ ｌ ｌ ○ ｌ ｌ ｌ ○ ｌ ｌ ｌ ○ ｌ ｌ ｌ ○ ｌ ｌ ｌ ○ ｌ ｌ ｌ
ｌ ｌ ｌ ー ｌ ｌ ｌ ー ｌ ｌ ｌ ー ｌ ｌ ｌ ー ｌ ｌ ｌ ー ｌ ｌ ｌ ー ｌ ｌ ｌ ー ｌ ｌ ｌ ー ｌ ｌ ｌ ー ｌ ｌ
ｌ ｌ ⅄ ᴥ ｌ ｌ ⅄ ᴥ ｌ ｌ ⅄ ᴥ ｌ ｌ ⅄ ᴥ ｌ ｌ ⅄ ᴥ ｌ ｌ ⅄ ᴥ ｌ ｌ ⅄ ᴥ ｌ ｌ ⅄ ᴥ ｌ ｌ ⅄ ᴥ ｌ ｌ
ｌ ｌ ｌ ○ ｌ ｌ ｌ ○ ｌ ｌ ｌ ○ ｌ ｌ ｌ ○ ｌ ｌ ｌ ○ ｌ ｌ ｌ ○ ｌ ｌ ｌ ○ ｌ ｌ ｌ ○ ｌ ｌ ｌ ○ ｌ ｌ
ー ｌ ｌ ｌ ー ｌ ｌ ｌ ー ｌ ｌ ｌ ー ｌ ｌ ｌ ー ｌ ｌ ｌ ー ｌ ｌ ｌ ー ｌ ｌ ｌ ー ｌ ｌ ｌ ー ｌ ｌ ｌ ー ｌ
ᴥ ｌ ｌ ⅄ ᴥ ｌ ｌ ⅄ ᴥ ｌ ｌ ⅄ ᴥ ｌ ｌ ⅄ ᴥ ｌ ｌ ⅄ ᴥ ｌ ｌ ⅄ ᴥ ｌ ｌ ⅄ ᴥ ｌ ｌ ⅄ ᴥ ｌ ｌ ⅄ ᴥ ｌ
○ ｌ ｌ ｌ ○ ｌ ｌ ｌ ○ ｌ ｌ ｌ ○ ｌ ｌ ｌ ○ ｌ ｌ ｌ ○ ｌ ｌ ｌ ○ ｌ ｌ ｌ ○ ｌ ｌ ｌ ○ ｌ ｌ ｌ ○ ｌ
ｌ ー ｌ ｌ ｌ ー ｌ ｌ ｌ ー ｌ ｌ ｌ ー ｌ ｌ ｌ ー ｌ ｌ ｌ ー ｌ ｌ ｌ ー ｌ ｌ ｌ ー ｌ ｌ ｌ ー ｌ ｌ ｌ ー
⅄ ᴥ ｌ ｌ ⅄ ᴥ ｌ ｌ ⅄ ᴥ ｌ ｌ ⅄ ᴥ ｌ ｌ ⅄ ᴥ ｌ ｌ ⅄ ᴥ ｌ ｌ ⅄ ᴥ ｌ ｌ ⅄ ᴥ ｌ ｌ ⅄ ᴥ ｌ ｌ ⅄ ᴥ
ｌ ○ ｌ ｌ ｌ ○ ｌ ｌ ｌ ○ ｌ ｌ ｌ ○ ｌ ｌ ｌ ○ ｌ ｌ ｌ ○ ｌ ｌ ｌ ○ ｌ ｌ ｌ ○ ｌ ｌ ｌ ○ ｌ ｌ ｌ ○
ｌ ｌ ー ｌ ｌ ｌ ー ｌ ｌ ｌ ー ｌ ｌ ｌ ー ｌ ｌ ｌ ー ｌ ｌ ｌ ー ｌ ｌ ｌ ー ｌ ｌ ｌ ー ｌ ｌ ｌ ー ｌ ｌ ｌ
ｌ ⅄ ᴥ ｌ ｌ ⅄ ᴥ ｌ ｌ ⅄ ᴥ ｌ ｌ ⅄ ᴥ ｌ ｌ ⅄ ᴥ ｌ ｌ ⅄ ᴥ ｌ ｌ ⅄ ᴥ ｌ ｌ ⅄ ᴥ ｌ ｌ ⅄ ᴥ ｌ ｌ ⅄
ｌ ｌ ○ ｌ ｌ ｌ ○ ｌ ｌ ｌ ○ ｌ ｌ ｌ ○ ｌ ｌ ｌ ○ ｌ ｌ ｌ ○ ｌ ｌ ｌ ○ ｌ ｌ ｌ ○ ｌ ｌ ｌ ○ ｌ ｌ ｌ
ｌ ｌ ｌ ー ｌ ｌ ｌ ー ｌ ｌ ｌ ー ｌ ｌ ｌ ー ｌ ｌ ｌ ー ｌ ｌ ｌ ー ｌ ｌ ｌ ー ｌ ｌ ｌ ー ｌ ｌ ｌ ー ｌ ｌ
ｌ ｌ ⅄ ᴥ ｌ ｌ ⅄ ᴥ ｌ ｌ ⅄ ᴥ ｌ ｌ ⅄ ᴥ ｌ ｌ ⅄ ᴥ ｌ ｌ ⅄ ᴥ ｌ ｌ ⅄ ᴥ ｌ ｌ ⅄ ᴥ ｌ ｌ ⅄ ᴥ ｌ ｌ
ｌ ｌ ｌ ○ ｌ ｌ ｌ ○ ｌ ｌ ｌ ○ ｌ ｌ ｌ ○ ｌ ｌ ｌ ○ ｌ ｌ ｌ ○ ｌ ｌ ｌ ○ ｌ ｌ ｌ ○ ｌ ｌ ｌ ○ ｌ ｌ
22
20
15
10
5
1
14	10	5	1
≐ ≐ ≐ ≐ ≐ ≐ ≐ ≐ ≐ ≐ ≐ ≐ ≐ ≐ ≐ ≐ ≐ ≐ ≐ ≐ ≐ ≐ ≐ ≐ ≐ ≐ ≐ ≐ ≐ ≐
ｌ ｌ ｌ ー ｌ ｌ ｌ ー ｌ ｌ ｌ ー ｌ ｌ ｌ ー ｌ ｌ ｌ ー ｌ ｌ ｌ ー ｌ ｌ ｌ ー ｌ ｌ
ｌ ｌ ⅄ ᴥ ｌ ｌ ⅄ ᴥ ｌ ｌ ⅄ ᴥ ｌ ｌ ⅄ ᴥ ｌ ｌ ⅄ ᴥ ｌ ｌ ⅄ ᴥ ｌ ｌ ⅄ ᴥ ｌ ｌ
ｌ ｌ ｌ ○ ｌ ｌ ｌ ○ ｌ ｌ ｌ ○ ｌ ｌ ｌ ○ ｌ ｌ ｌ ○ ｌ ｌ ｌ ○ ｌ ｌ ｌ ○ ｌ ｌ
ー ｌ ｌ ｌ ー ｌ ｌ ｌ ー ｌ ｌ ｌ ー ｌ ｌ ｌ ー ｌ ｌ ｌ ー ｌ ｌ ｌ ー ｌ ｌ ｌ ー ｌ
ᴥ ｌ ｌ ⅄ ᴥ ｌ ｌ ⅄ ᴥ ｌ ｌ ⅄ ᴥ ｌ ｌ ⅄ ᴥ ｌ ｌ ⅄ ᴥ ｌ ｌ ⅄ ᴥ ｌ ｌ ⅄ ᴥ ｌ
○ ｌ ｌ ｌ ○ ｌ ｌ ｌ ○ ｌ ｌ ｌ ○ ｌ ｌ ｌ ○ ｌ ｌ ｌ ○ ｌ ｌ ｌ ○ ｌ ｌ ｌ ○ ｌ
ｌ ー ｌ ｌ ｌ ー ｌ ｌ ｌ ー ｌ ｌ ｌ ー ｌ ｌ ｌ ー ｌ ｌ ｌ ー ｌ ｌ ｌ ー ｌ ｌ ｌ ー
⅄ ᴥ ｌ ｌ ⅄ ᴥ ｌ ｌ ⅄ ᴥ ｌ ｌ ⅄ ᴥ ｌ ｌ ⅄ ᴥ ｌ ｌ ⅄ ᴥ ｌ ｌ ⅄ ᴥ ｌ ｌ ⅄ ᴥ
ｌ ○ ｌ ｌ ｌ ○ ｌ ｌ ｌ ○ ｌ ｌ ｌ ○ ｌ ｌ ｌ ○ ｌ ｌ ｌ ○ ｌ ｌ ｌ ○ ｌ ｌ ｌ ○
ｌ ｌ ー ｌ ｌ ｌ ー ｌ ｌ ｌ ー ｌ ｌ ｌ ー ｌ ｌ ｌ ー ｌ ｌ ｌ ー ｌ ｌ ｌ ー ｌ ｌ ｌ
13
10
5
1
11	10	5	1
≐ ≐ ≐ ≐ ≐ ≐ ≐ ≐ ≐ ≐ ≐ ≐ ≐ ≐ ≐ ≐ ≐ ≐ ≐ ≐ ≐ ≐ ≐ ≐ ≐ ≐ ≐ ≐ ≐ ≐ ≐ ≐ ≐ ≐ ≐ ≐ ≐ ≐
ｌ ｌ ｌ ○ ｌ ｌ ｌ ○ ｌ ｌ ｌ ○ ｌ ｌ ｌ ○ ｌ ｌ ｌ ○ ｌ ｌ ｌ ○ ｌ ｌ ｌ ○ ｌ ｌ ｌ ○ ｌ ｌ ｌ ○ ｌ ｌ
ー ｌ ｌ ｌ ー ｌ ｌ ｌ ー ｌ ｌ ｌ ー ｌ ｌ ｌ ー ｌ ｌ ｌ ー ｌ ｌ ｌ ー ｌ ｌ ｌ ー ｌ ｌ ｌ ー ｌ ｌ ｌ ー ｌ
ᴥ ｌ ｌ ⅄ ᴥ ｌ ｌ ⅄ ᴥ ｌ ｌ ⅄ ᴥ ｌ ｌ ⅄ ᴥ ｌ ｌ ⅄ ᴥ ｌ ｌ ⅄ ᴥ ｌ ｌ ⅄ ᴥ ｌ ｌ ⅄ ᴥ ｌ ｌ ⅄ ᴥ ｌ
○ ｌ ｌ ｌ ○ ｌ ｌ ｌ ○ ｌ ｌ ｌ ○ ｌ ｌ ｌ ○ ｌ ｌ ｌ ○ ｌ ｌ ｌ ○ ｌ ｌ ｌ ○ ｌ ｌ ｌ ○ ｌ ｌ ｌ ○ ｌ
ｌ ー ｌ ｌ ｌ ー ｌ ｌ ｌ ー ｌ ｌ ｌ ー ｌ ｌ ｌ ー ｌ ｌ ｌ ー ｌ ｌ ｌ ー ｌ ｌ ｌ ー ｌ ｌ ｌ ー ｌ ｌ ｌ ー
⅄ ᴥ ｌ ｌ ⅄ ᴥ ｌ ｌ ⅄ ᴥ ｌ ｌ ⅄ ᴥ ｌ ｌ ⅄ ᴥ ｌ ｌ ⅄ ᴥ ｌ ｌ ⅄ ᴥ ｌ ｌ ⅄ ᴥ ｌ ｌ ⅄ ᴥ ｌ ｌ ⅄ ᴥ
ｌ ○ ｌ ｌ ｌ ○ ｌ ｌ ｌ ○ ｌ ｌ ｌ ○ ｌ ｌ ｌ ○ ｌ ｌ ｌ ○ ｌ ｌ ｌ ○ ｌ ｌ ｌ ○ ｌ ｌ ｌ ○ ｌ ｌ ｌ ○
ｌ ｌ ー ｌ ｌ ｌ ー ｌ ｌ ｌ ー ｌ ｌ ｌ ー ｌ ｌ ｌ ー ｌ ｌ ｌ ー ｌ ｌ ｌ ー ｌ ｌ ｌ ー ｌ ｌ ｌ ー ｌ ｌ ｌ
ｌ ⅄ ᴥ ｌ ｌ ⅄ ᴥ ｌ ｌ ⅄ ᴥ ｌ ｌ ⅄ ᴥ ｌ ｌ ⅄ ᴥ ｌ ｌ ⅄ ᴥ ｌ ｌ ⅄ ᴥ ｌ ｌ ⅄ ᴥ ｌ ｌ ⅄ ᴥ ｌ ｌ ⅄
ｌ ｌ ○ ｌ ｌ ｌ ○ ｌ ｌ ｌ ○ ｌ ｌ ｌ ○ ｌ ｌ ｌ ○ ｌ ｌ ｌ ○ ｌ ｌ ｌ ○ ｌ ｌ ｌ ○ ｌ ｌ ｌ ○ ｌ ｌ ｌ
ｌ ｌ ｌ ー ｌ ｌ ｌ ー ｌ ｌ ｌ ー ｌ ｌ ｌ ー ｌ ｌ ｌ ー ｌ ｌ ｌ ー ｌ ｌ ｌ ー ｌ ｌ ｌ ー ｌ ｌ ｌ ー ｌ ｌ
ｌ ｌ ⅄ ᴥ ｌ ｌ ⅄ ᴥ ｌ ｌ ⅄ ᴥ ｌ ｌ ⅄ ᴥ ｌ ｌ ⅄ ᴥ ｌ ｌ ⅄ ᴥ ｌ ｌ ⅄ ᴥ ｌ ｌ ⅄ ᴥ ｌ ｌ ⅄ ᴥ ｌ ｌ
ｌ ｌ ｌ ○ ｌ ｌ ｌ ○ ｌ ｌ ｌ ○ ｌ ｌ ｌ ○ ｌ ｌ ｌ ○ ｌ ｌ ｌ ○ ｌ ｌ ｌ ○ ｌ ｌ ｌ ○ ｌ ｌ ｌ ○ ｌ ｌ
ー ｌ ｌ ｌ ー ｌ ｌ ｌ ー ｌ ｌ ｌ ー ｌ ｌ ｌ ー ｌ ｌ ｌ ー ｌ ｌ ｌ ー ｌ ｌ ｌ ー ｌ ｌ ｌ ー ｌ ｌ ｌ ー ｌ
ᴥ ｌ ｌ ⅄ ᴥ ｌ ｌ ⅄ ᴥ ｌ ｌ ⅄ ᴥ ｌ ｌ ⅄ ᴥ ｌ ｌ ⅄ ᴥ ｌ ｌ ⅄ ᴥ ｌ ｌ ⅄ ᴥ ｌ ｌ ⅄ ᴥ ｌ ｌ ⅄ ᴥ ｌ
○ ｌ ｌ ｌ ○ ｌ ｌ ｌ ○ ｌ ｌ ｌ ○ ｌ ｌ ｌ ○ ｌ ｌ ｌ ○ ｌ ｌ ｌ ○ ｌ ｌ ｌ ○ ｌ ｌ ｌ ○ ｌ ｌ ｌ ○ ｌ
16
15
10
5
1
14	10	5	1
≐ ≐ ≐ ≐ ≐ ≐ ≐ ≐ ≐ ≐ ≐ ≐ ≐ ≐ ≐ ≐ ≐ ≐ ≐ ≐ ≐ ≐ ≐ ≐ ≐ ≐ ≐ ≐ ≐ ≐ ≐ ≐ ≐ ≐ ≐ ≐ ≐ ≐
ｌ ｌ ー ｌ ｌ ｌ ー ｌ ｌ ｌ ー ｌ ｌ ｌ ー ｌ ｌ ｌ ー ｌ ｌ ｌ ー ｌ ｌ ｌ ー ｌ ｌ ｌ ー ｌ ｌ ｌ ー ｌ ｌ ｌ
ｌ ⅄ ᴥ ｌ ｌ ⅄ ᴥ ｌ ｌ ⅄ ᴥ ｌ ｌ ⅄ ᴥ ｌ ｌ ⅄ ᴥ ｌ ｌ ⅄ ᴥ ｌ ｌ ⅄ ᴥ ｌ ｌ ⅄ ᴥ ｌ ｌ ⅄ ᴥ ｌ ｌ ⅄
ｌ ｌ ○ ｌ ｌ ｌ ○ ｌ ｌ ｌ ○ ｌ ｌ ｌ ○ ｌ ｌ ｌ ○ ｌ ｌ ｌ ○ ｌ ｌ ｌ ○ ｌ ｌ ｌ ○ ｌ ｌ ｌ ○ ｌ ｌ ｌ
ｌ ｌ ｌ ー ｌ ｌ ｌ ー ｌ ｌ ｌ ー ｌ ｌ ｌ ー ｌ ｌ ｌ ー ｌ ｌ ｌ ー ｌ ｌ ｌ ー ｌ ｌ ｌ ー ｌ ｌ ｌ ー ｌ ｌ
ｌ ｌ ⅄ ᴥ ｌ ｌ ⅄ ᴥ ｌ ｌ ⅄ ᴥ ｌ ｌ ⅄ ᴥ ｌ ｌ ⅄ ᴥ ｌ ｌ ⅄ ᴥ ｌ ｌ ⅄ ᴥ ｌ ｌ ⅄ ᴥ ｌ ｌ ⅄ ᴥ ｌ ｌ
ｌ ｌ ｌ ○ ｌ ｌ ｌ ○ ｌ ｌ ｌ ○ ｌ ｌ ｌ ○ ｌ ｌ ｌ ○ ｌ ｌ ｌ ○ ｌ ｌ ｌ ○ ｌ ｌ ｌ ○ ｌ ｌ ｌ ○ ｌ ｌ
ー ｌ ｌ ｌ ー ｌ ｌ ｌ ー ｌ ｌ ｌ ー ｌ ｌ ｌ ー ｌ ｌ ｌ ー ｌ ｌ ｌ ー ｌ ｌ ｌ ー ｌ ｌ ｌ ー ｌ ｌ ｌ ー ｌ
ᴥ ｌ ｌ ⅄ ᴥ ｌ ｌ ⅄ ᴥ ｌ ｌ ⅄ ᴥ ｌ ｌ ⅄ ᴥ ｌ ｌ ⅄ ᴥ ｌ ｌ ⅄ ᴥ ｌ ｌ ⅄ ᴥ ｌ ｌ ⅄ ᴥ ｌ ｌ ⅄ ᴥ ｌ
○ ｌ ｌ ｌ ○ ｌ ｌ ｌ ○ ｌ ｌ ｌ ○ ｌ ｌ ｌ ○ ｌ ｌ ｌ ○ ｌ ｌ ｌ ○ ｌ ｌ ｌ ○ ｌ ｌ ｌ ○ ｌ ｌ ｌ ○ ｌ
ｌ ー ｌ ｌ ｌ ー ｌ ｌ ｌ ー ｌ ｌ ｌ ー ｌ ｌ ｌ ー ｌ ｌ ｌ ー ｌ ｌ ｌ ー ｌ ｌ ｌ ー ｌ ｌ ｌ ー ｌ ｌ ｌ ー
⅄ ᴥ ｌ ｌ ⅄ ᴥ ｌ ｌ ⅄ ᴥ ｌ ｌ ⅄ ᴥ ｌ ｌ ⅄ ᴥ ｌ ｌ ⅄ ᴥ ｌ ｌ ⅄ ᴥ ｌ ｌ ⅄ ᴥ ｌ ｌ ⅄ ᴥ ｌ ｌ ⅄ ᴥ
ｌ ○ ｌ ｌ ｌ ○ ｌ ｌ ｌ ○ ｌ ｌ ｌ ○ ｌ ｌ ｌ ○ ｌ ｌ ｌ ○ ｌ ｌ ｌ ○ ｌ ｌ ｌ ○ ｌ ｌ ｌ ○ ｌ ｌ ｌ ○
ｌ ｌ ー ｌ ｌ ｌ ー ｌ ｌ ｌ ー ｌ ｌ ｌ ー ｌ ｌ ｌ ー ｌ ｌ ｌ ー ｌ ｌ ｌ ー ｌ ｌ ｌ ー ｌ ｌ ｌ ー ｌ ｌ ｌ
ｌ ⅄ ᴥ ｌ ｌ ⅄ ᴥ ｌ ｌ ⅄ ᴥ ｌ ｌ ⅄ ᴥ ｌ ｌ ⅄ ᴥ ｌ ｌ ⅄ ᴥ ｌ ｌ ⅄ ᴥ ｌ ｌ ⅄ ᴥ ｌ ｌ ⅄ ᴥ ｌ ｌ ⅄
ｌ ｌ ○ ｌ ｌ ｌ ○ ｌ ｌ ｌ ○ ｌ ｌ ｌ ○ ｌ ｌ ｌ ○ ｌ ｌ ｌ ○ ｌ ｌ ｌ ○ ｌ ｌ ｌ ○ ｌ ｌ ｌ ○ ｌ ｌ ｌ
ｌ ｌ ｌ ー ｌ ｌ ｌ ー ｌ ｌ ｌ ー ｌ ｌ ｌ ー ｌ ｌ ｌ ー ｌ ｌ ｌ ー ｌ ｌ ｌ ー ｌ ｌ ｌ ー ｌ ｌ ｌ ー ｌ ｌ
16
15
10
5
1
14	10	5	1
□ = Ｉ 表目 ● = ⓒ ≐ = 裏目の伏せ止め
□ = Ｉ 表目 ≐ = 裏目の伏せ止め
□ = ー 裏目 ≐ = 裏目の伏せ止め
ᴥ　ᴥ	= 2回巻きのノット
□ = ー 裏目 ≐ = 裏目の伏せ止め
□ = ー 裏目
=
□ = Ｉ 表目
□ = ー 裏目 ≐ = 裏目の伏せ止め
□ = ー 裏目 ≐ = 裏目の伏せ止め
□ = ー 裏目 ≐ = 裏目の伏せ止め
□ = ー 裏目 ≐ = 裏目の伏せ止め	□ = ー 裏目 ● = ⓒ ≐ = 裏目の伏せ止め
116
